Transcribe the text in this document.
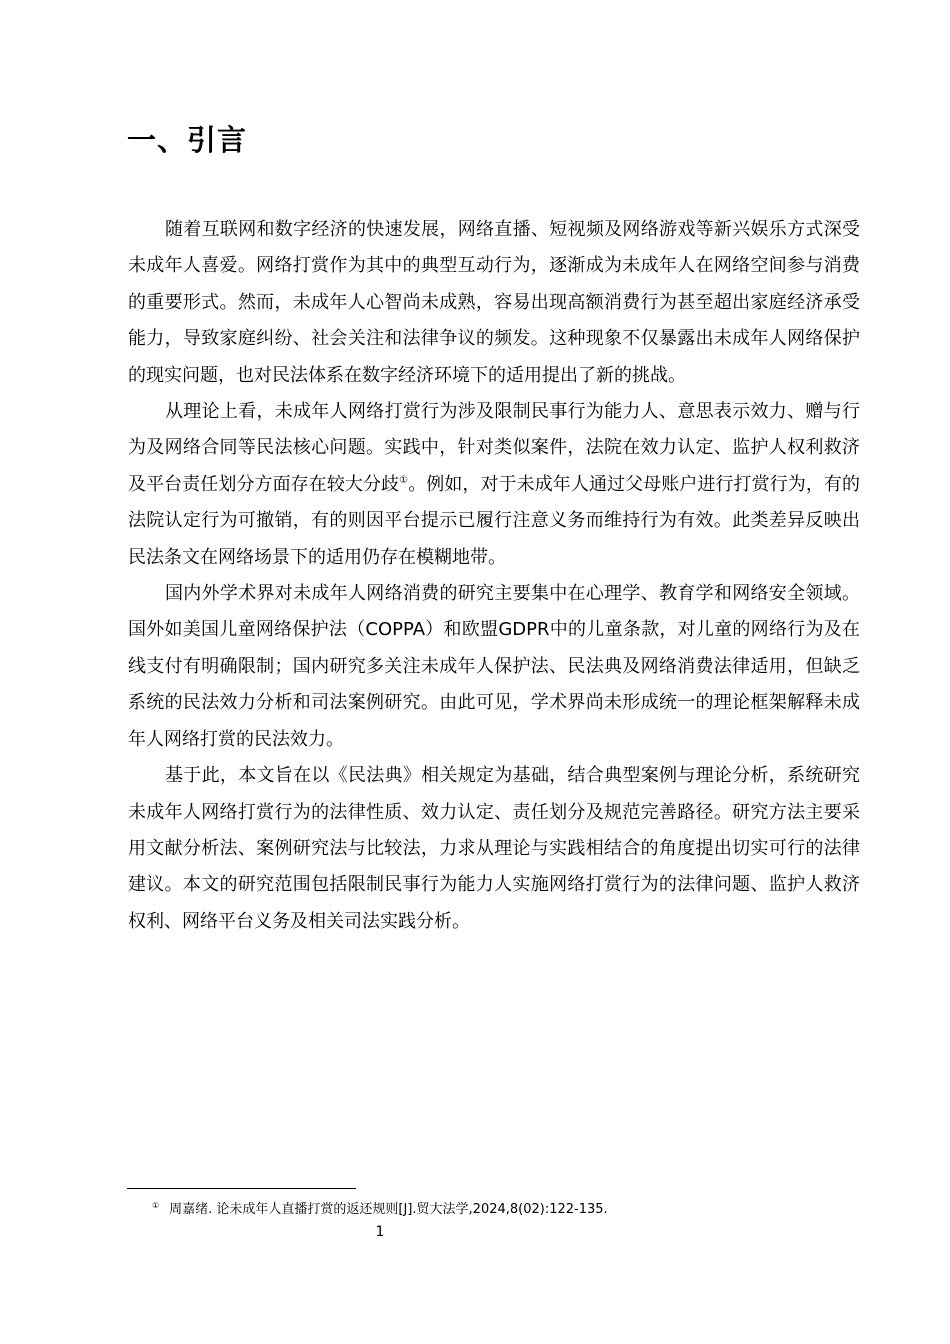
一、引言

随着互联网和数字经济的快速发展，网络直播、短视频及网络游戏等新兴娱乐方式深受未成年人喜爱。网络打赏作为其中的典型互动行为，逐渐成为未成年人在网络空间参与消费的重要形式。然而，未成年人心智尚未成熟，容易出现高额消费行为甚至超出家庭经济承受能力，导致家庭纠纷、社会关注和法律争议的频发。这种现象不仅暴露出未成年人网络保护的现实问题，也对民法体系在数字经济环境下的适用提出了新的挑战。

从理论上看，未成年人网络打赏行为涉及限制民事行为能力人、意思表示效力、赠与行为及网络合同等民法核心问题。实践中，针对类似案件，法院在效力认定、监护人权利救济及平台责任划分方面存在较大分歧①。例如，对于未成年人通过父母账户进行打赏行为，有的法院认定行为可撤销，有的则因平台提示已履行注意义务而维持行为有效。此类差异反映出民法条文在网络场景下的适用仍存在模糊地带。

国内外学术界对未成年人网络消费的研究主要集中在心理学、教育学和网络安全领域。国外如美国儿童网络保护法（COPPA）和欧盟GDPR中的儿童条款，对儿童的网络行为及在线支付有明确限制；国内研究多关注未成年人保护法、民法典及网络消费法律适用，但缺乏系统的民法效力分析和司法案例研究。由此可见，学术界尚未形成统一的理论框架解释未成年人网络打赏的民法效力。

基于此，本文旨在以《民法典》相关规定为基础，结合典型案例与理论分析，系统研究未成年人网络打赏行为的法律性质、效力认定、责任划分及规范完善路径。研究方法主要采用文献分析法、案例研究法与比较法，力求从理论与实践相结合的角度提出切实可行的法律建议。本文的研究范围包括限制民事行为能力人实施网络打赏行为的法律问题、监护人救济权利、网络平台义务及相关司法实践分析。

① 周嘉绪. 论未成年人直播打赏的返还规则[J].贸大法学,2024,8(02):122-135.

1
